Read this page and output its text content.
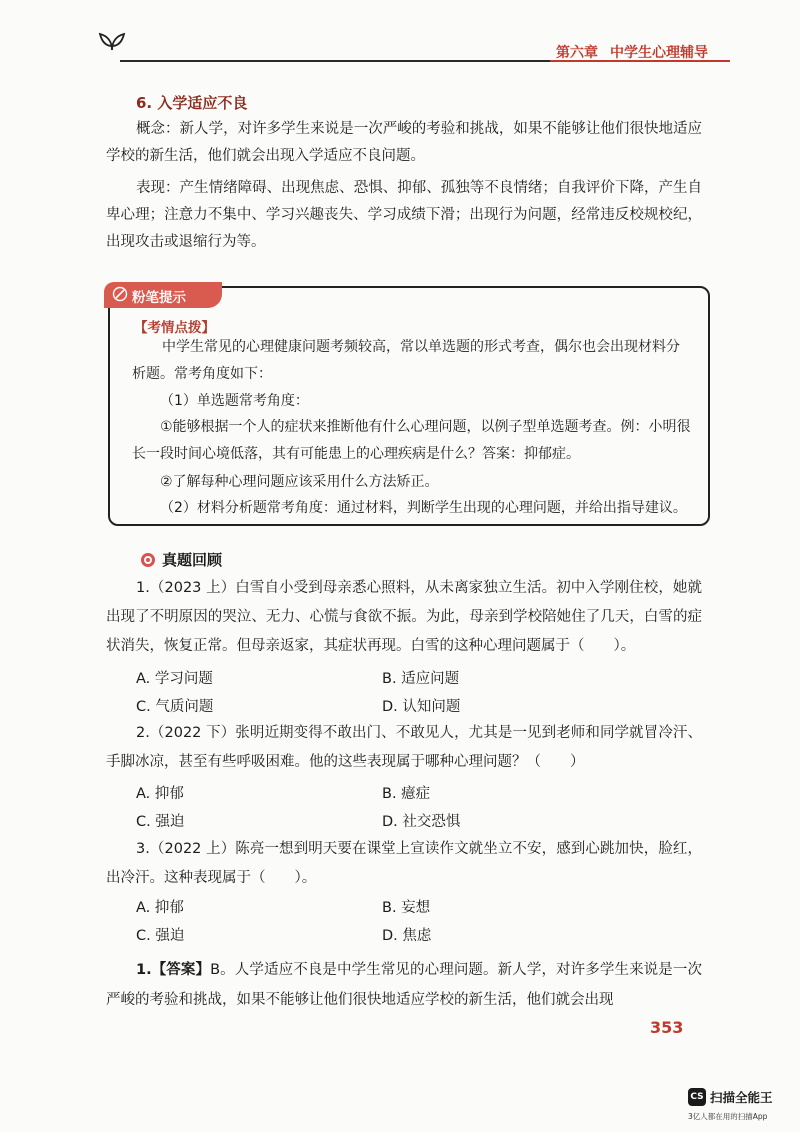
第六章 中学生心理辅导
6. 入学适应不良

概念：新人学，对许多学生来说是一次严峻的考验和挑战，如果不能够让他们很快地适应学校的新生活，他们就会出现入学适应不良问题。

表现：产生情绪障碍、出现焦虑、恐惧、抑郁、孤独等不良情绪；自我评价下降，产生自卑心理；注意力不集中、学习兴趣丧失、学习成绩下滑；出现行为问题，经常违反校规校纪，出现攻击或退缩行为等。

粉笔提示
【考情点拨】

中学生常见的心理健康问题考频较高，常以单选题的形式考查，偶尔也会出现材料分析题。常考角度如下：

（1）单选题常考角度：

①能够根据一个人的症状来推断他有什么心理问题，以例子型单选题考查。例：小明很长一段时间心境低落，其有可能患上的心理疾病是什么？答案：抑郁症。

②了解每种心理问题应该采用什么方法矫正。
（2）材料分析题常考角度：通过材料，判断学生出现的心理问题，并给出指导建议。
真题回顾

1.（2023 上）白雪自小受到母亲悉心照料，从未离家独立生活。初中入学刚住校，她就出现了不明原因的哭泣、无力、心慌与食欲不振。为此，母亲到学校陪她住了几天，白雪的症状消失，恢复正常。但母亲返家，其症状再现。白雪的这种心理问题属于（　　）。

A. 学习问题	B. 适应问题
C. 气质问题	D. 认知问题

2.（2022 下）张明近期变得不敢出门、不敢见人，尤其是一见到老师和同学就冒冷汗、手脚冰凉，甚至有些呼吸困难。他的这些表现属于哪种心理问题？（　　）

A. 抑郁	B. 癔症
C. 强迫	D. 社交恐惧

3.（2022 上）陈亮一想到明天要在课堂上宣读作文就坐立不安，感到心跳加快，脸红，出冷汗。这种表现属于（　　）。

A. 抑郁	B. 妄想
C. 强迫	D. 焦虑

1.【答案】B。人学适应不良是中学生常见的心理问题。新人学，对许多学生来说是一次严峻的考验和挑战，如果不能够让他们很快地适应学校的新生活，他们就会出现

353
CS 扫描全能王
3亿人都在用的扫描App
